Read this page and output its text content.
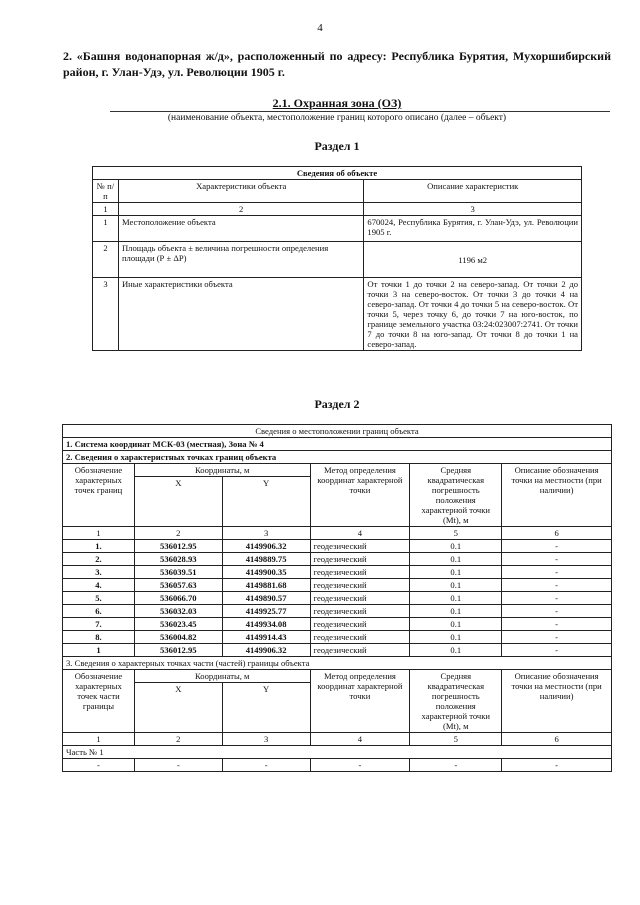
4
2. «Башня водонапорная ж/д», расположенный по адресу: Республика Бурятия, Мухоршибирский район, г. Улан-Удэ, ул. Революции 1905 г.
2.1. Охранная зона (ОЗ)
(наименование объекта, местоположение границ которого описано (далее – объект)
Раздел 1
Сведения об объекте		
№ п/п	Характеристики объекта	Описание характеристик
1	2	3
1	Местоположение объекта	670024, Республика Бурятия, г. Улан-Удэ, ул. Революции 1905 г.
2	Площадь объекта ± величина погрешности определения площади (Р ± ΔР)	1196 м2
3	Иные характеристики объекта	От точки 1 до точки 2 на северо-запад. От точки 2 до точки 3 на северо-восток. От точки 3 до точки 4 на северо-запад. От точки 4 до точки 5 на северо-восток. От точки 5, через точку 6, до точки 7 на юго-восток, по границе земельного участка 03:24:023007:2741. От точки 7 до точки 8 на юго-запад. От точки 8 до точки 1 на северо-запад.
Раздел 2
Сведения о местоположении границ объекта					
1. Система координат МСК-03 (местная), Зона № 4					
2. Сведения о характеристных точках границ объекта					
Обозначение характерных точек границ	Координаты, м		Метод определения координат характерной точки	Средняя квадратическая погрешность положения характерной точки (Mt), м	Описание обозначения точки на местности (при наличии)
	X	Y			
1	2	3	4	5	6
1.	536012.95	4149906.32	геодезический	0.1	-
2.	536028.93	4149889.75	геодезический	0.1	-
3.	536039.51	4149900.35	геодезический	0.1	-
4.	536057.63	4149881.68	геодезический	0.1	-
5.	536066.70	4149890.57	геодезический	0.1	-
6.	536032.03	4149925.77	геодезический	0.1	-
7.	536023.45	4149934.08	геодезический	0.1	-
8.	536004.82	4149914.43	геодезический	0.1	-
1	536012.95	4149906.32	геодезический	0.1	-
3. Сведения о характерных точках части (частей) границы объекта					
Обозначение характерных точек части границы	Координаты, м		Метод определения координат характерной точки	Средняя квадратическая погрешность положения характерной точки (Mt), м	Описание обозначения точки на местности (при наличии)
	X	Y			
1	2	3	4	5	6
Часть № 1					
-	-	-	-	-	-
